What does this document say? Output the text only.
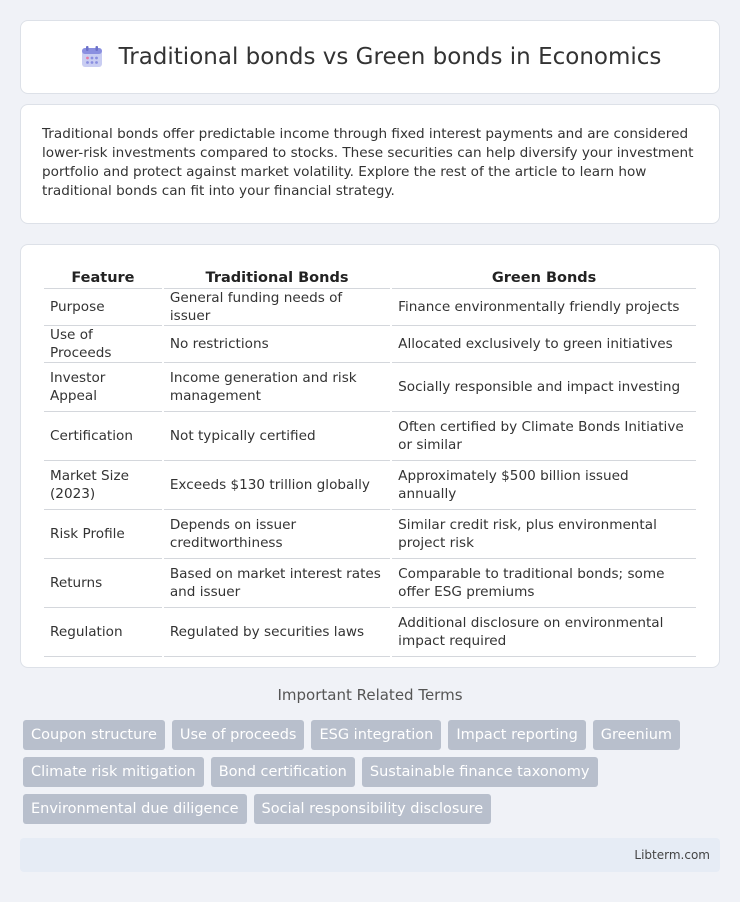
Traditional bonds vs Green bonds in Economics

Traditional bonds offer predictable income through fixed interest payments and are considered lower-risk investments compared to stocks. These securities can help diversify your investment portfolio and protect against market volatility. Explore the rest of the article to learn how traditional bonds can fit into your financial strategy.

Feature	Traditional Bonds	Green Bonds
Purpose	General funding needs of issuer	Finance environmentally friendly projects
Use of Proceeds	No restrictions	Allocated exclusively to green initiatives
Investor Appeal	Income generation and risk management	Socially responsible and impact investing
Certification	Not typically certified	Often certified by Climate Bonds Initiative or similar
Market Size (2023)	Exceeds $130 trillion globally	Approximately $500 billion issued annually
Risk Profile	Depends on issuer creditworthiness	Similar credit risk, plus environmental project risk
Returns	Based on market interest rates and issuer	Comparable to traditional bonds; some offer ESG premiums
Regulation	Regulated by securities laws	Additional disclosure on environmental impact required
Important Related Terms
Coupon structure	Use of proceeds	ESG integration	Impact reporting	Greenium
Climate risk mitigation	Bond certification	Sustainable finance taxonomy
Environmental due diligence	Social responsibility disclosure
Libterm.com
